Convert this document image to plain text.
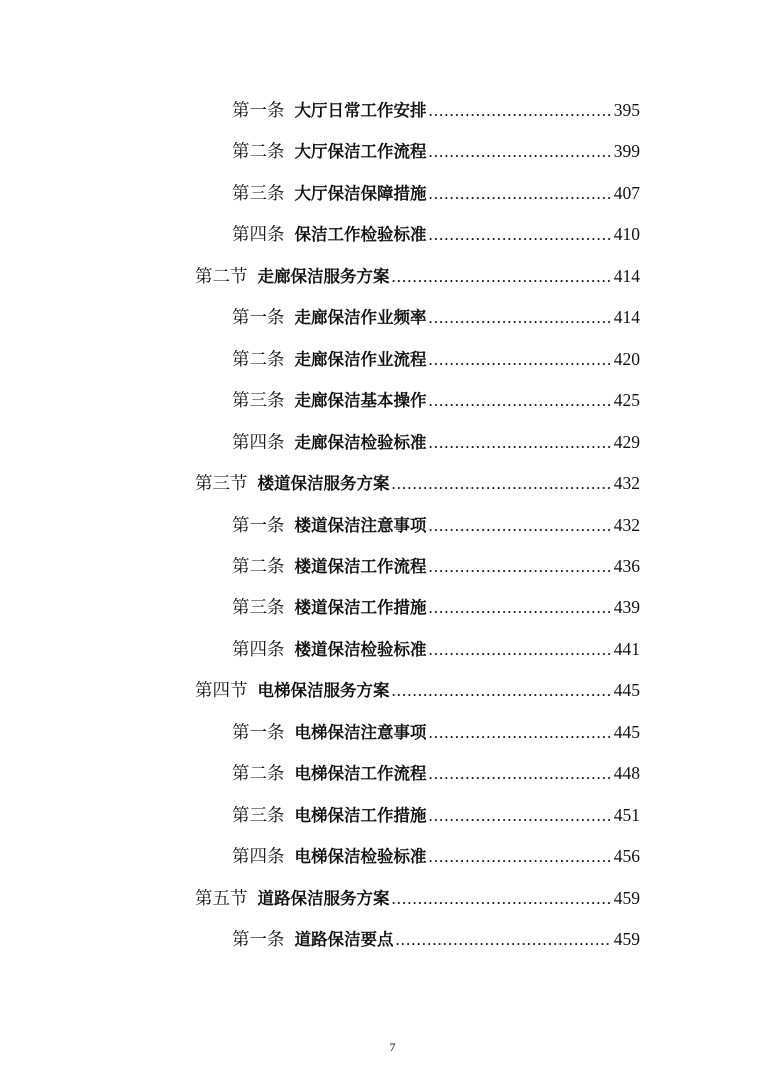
第一条 大厅日常工作安排 .....	395
第二条 大厅保洁工作流程 .....	399
第三条 大厅保洁保障措施 .....	407
第四条 保洁工作检验标准 .....	410
第二节 走廊保洁服务方案 .....	414
第一条 走廊保洁作业频率 .....	414
第二条 走廊保洁作业流程 .....	420
第三条 走廊保洁基本操作 .....	425
第四条 走廊保洁检验标准 .....	429
第三节 楼道保洁服务方案 .....	432
第一条 楼道保洁注意事项 .....	432
第二条 楼道保洁工作流程 .....	436
第三条 楼道保洁工作措施 .....	439
第四条 楼道保洁检验标准 .....	441
第四节 电梯保洁服务方案 .....	445
第一条 电梯保洁注意事项 .....	445
第二条 电梯保洁工作流程 .....	448
第三条 电梯保洁工作措施 .....	451
第四条 电梯保洁检验标准 .....	456
第五节 道路保洁服务方案 .....	459
第一条 道路保洁要点 .....	459
7
